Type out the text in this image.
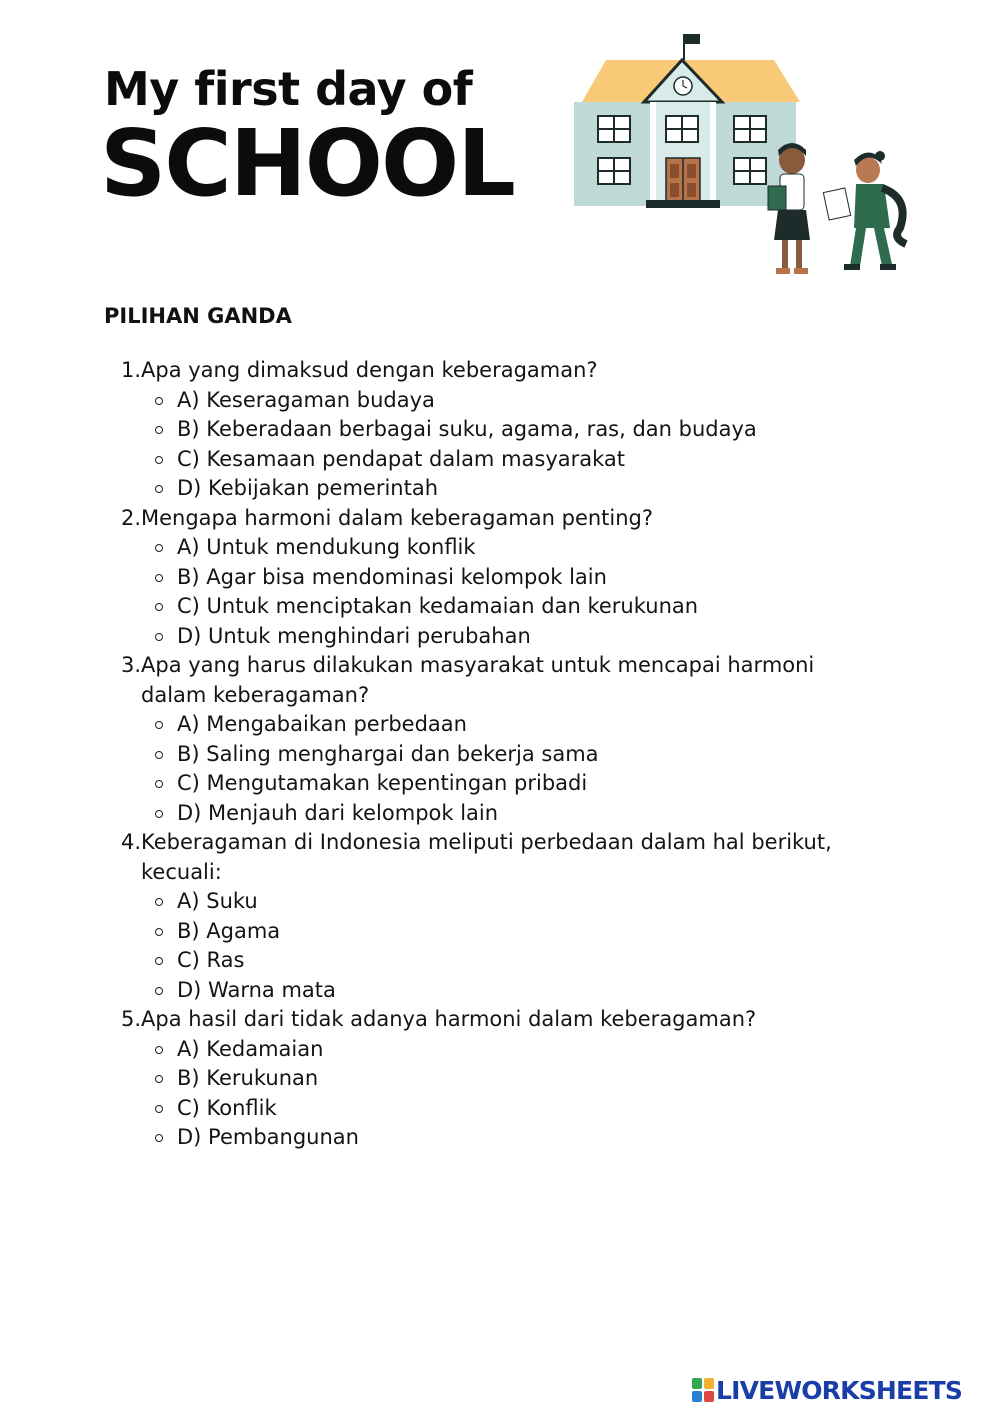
My first day of
SCHOOL
PILIHAN GANDA
1. Apa yang dimaksud dengan keberagaman?
A) Keseragaman budaya
B) Keberadaan berbagai suku, agama, ras, dan budaya
C) Kesamaan pendapat dalam masyarakat
D) Kebijakan pemerintah
2. Mengapa harmoni dalam keberagaman penting?
A) Untuk mendukung konflik
B) Agar bisa mendominasi kelompok lain
C) Untuk menciptakan kedamaian dan kerukunan
D) Untuk menghindari perubahan
3. Apa yang harus dilakukan masyarakat untuk mencapai harmoni dalam keberagaman?
A) Mengabaikan perbedaan
B) Saling menghargai dan bekerja sama
C) Mengutamakan kepentingan pribadi
D) Menjauh dari kelompok lain
4. Keberagaman di Indonesia meliputi perbedaan dalam hal berikut, kecuali:
A) Suku
B) Agama
C) Ras
D) Warna mata
5. Apa hasil dari tidak adanya harmoni dalam keberagaman?
A) Kedamaian
B) Kerukunan
C) Konflik
D) Pembangunan
LIVEWORKSHEETS
